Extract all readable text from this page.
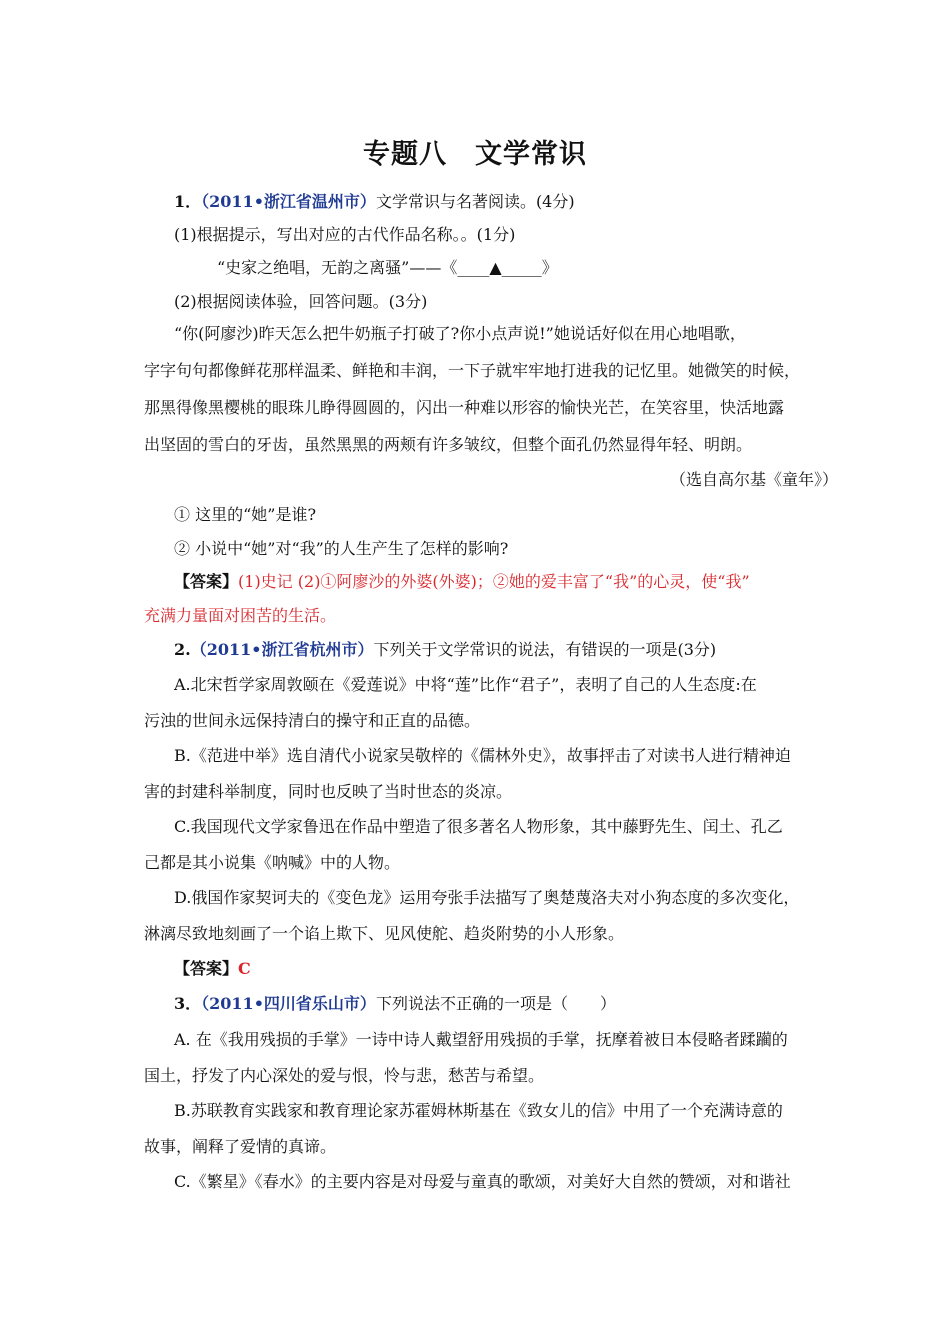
专题八　文学常识
1．（2011•浙江省温州市）文学常识与名著阅读。(4分)
(1)根据提示，写出对应的古代作品名称。。(1分)
“史家之绝唱，无韵之离骚”——《____▲_____》
(2)根据阅读体验，回答问题。(3分)
“你(阿廖沙)昨天怎么把牛奶瓶子打破了?你小点声说!”她说话好似在用心地唱歌，
字字句句都像鲜花那样温柔、鲜艳和丰润，一下子就牢牢地打进我的记忆里。她微笑的时候，
那黑得像黑樱桃的眼珠儿睁得圆圆的，闪出一种难以形容的愉快光芒，在笑容里，快活地露
出坚固的雪白的牙齿，虽然黑黑的两颊有许多皱纹，但整个面孔仍然显得年轻、明朗。
（选自高尔基《童年》）
① 这里的“她”是谁?
② 小说中“她”对“我”的人生产生了怎样的影响?
【答案】(1)史记 (2)①阿廖沙的外婆(外婆)；②她的爱丰富了“我”的心灵，使“我”
充满力量面对困苦的生活。
2.（2011•浙江省杭州市）下列关于文学常识的说法，有错误的一项是(3分)
A.北宋哲学家周敦颐在《爱莲说》中将“莲”比作“君子”，表明了自己的人生态度:在
污浊的世间永远保持清白的操守和正直的品德。
B.《范进中举》选自清代小说家吴敬梓的《儒林外史》，故事抨击了对读书人进行精神迫
害的封建科举制度，同时也反映了当时世态的炎凉。
C.我国现代文学家鲁迅在作品中塑造了很多著名人物形象，其中藤野先生、闰土、孔乙
己都是其小说集《呐喊》中的人物。
D.俄国作家契诃夫的《变色龙》运用夸张手法描写了奥楚蔑洛夫对小狗态度的多次变化，
淋漓尽致地刻画了一个谄上欺下、见风使舵、趋炎附势的小人形象。
【答案】C
3．（2011•四川省乐山市）下列说法不正确的一项是（　　）
A. 在《我用残损的手掌》一诗中诗人戴望舒用残损的手掌，抚摩着被日本侵略者蹂躏的
国土，抒发了内心深处的爱与恨，怜与悲，愁苦与希望。
B.苏联教育实践家和教育理论家苏霍姆林斯基在《致女儿的信》中用了一个充满诗意的
故事，阐释了爱情的真谛。
C.《繁星》《春水》的主要内容是对母爱与童真的歌颂，对美好大自然的赞颂，对和谐社
